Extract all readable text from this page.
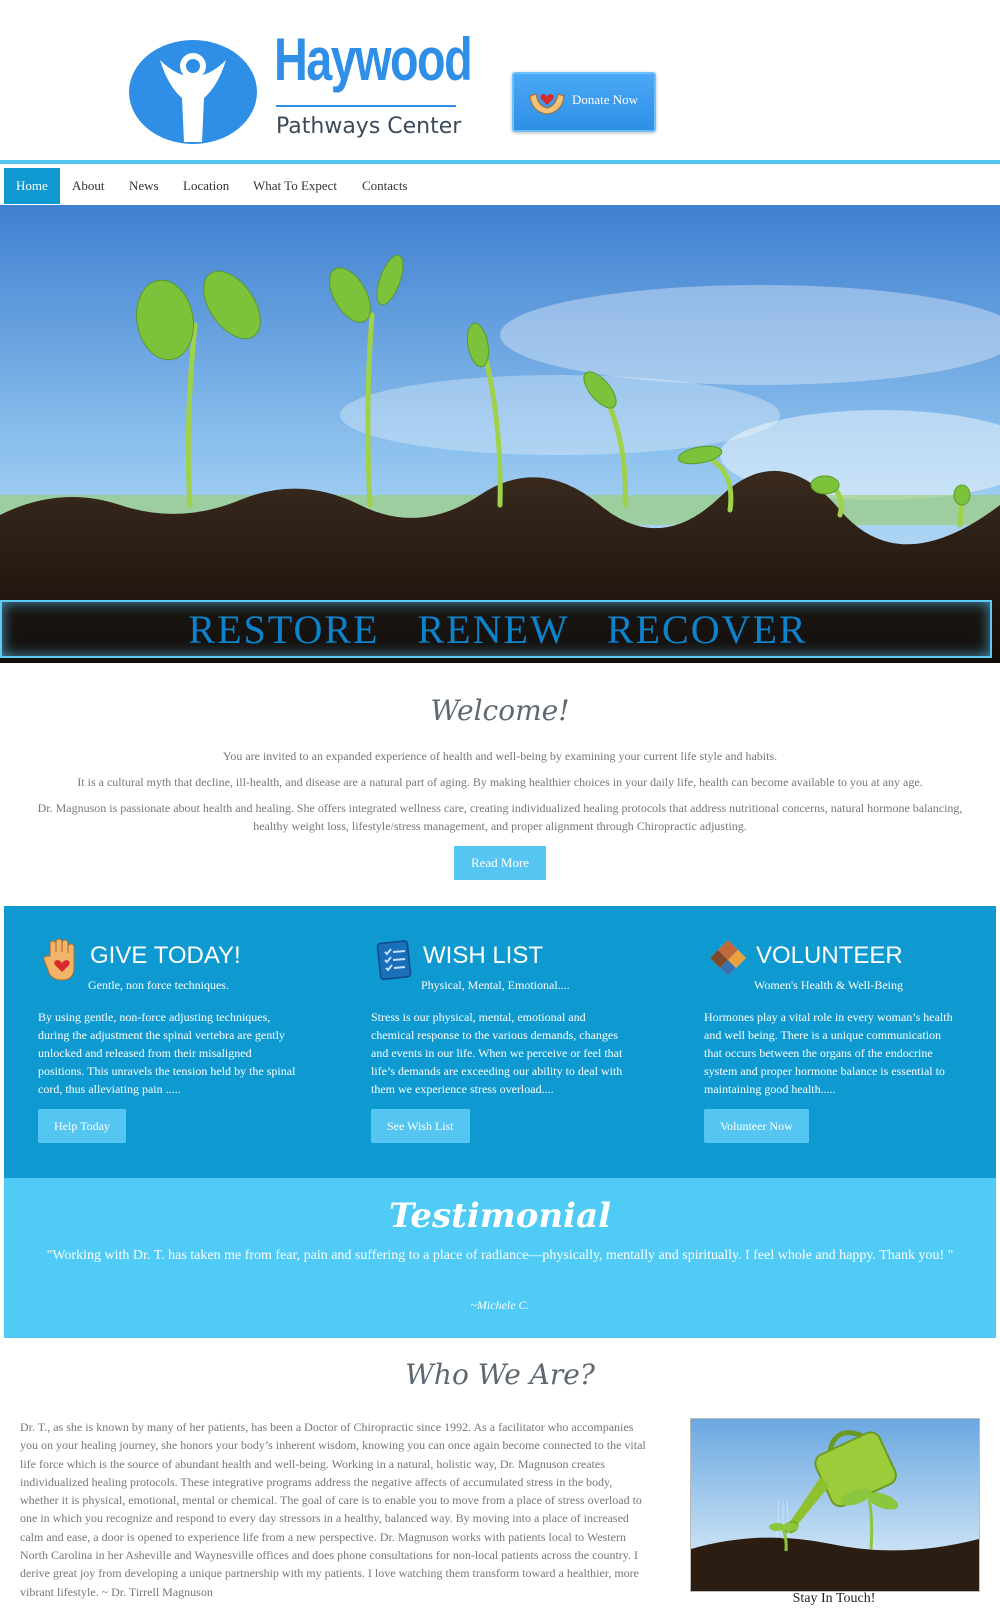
Haywood
Pathways Center
Donate Now
Home	About	News	Location	What To Expect	Contacts
RESTORE RENEW RECOVER
Welcome!
You are invited to an expanded experience of health and well-being by examining your current life style and habits.
It is a cultural myth that decline, ill-health, and disease are a natural part of aging. By making healthier choices in your daily life, health can become available to you at any age.
Dr. Magnuson is passionate about health and healing. She offers integrated wellness care, creating individualized healing protocols that address nutritional concerns, natural hormone balancing, healthy weight loss, lifestyle/stress management, and proper alignment through Chiropractic adjusting.
Read More
GIVE TODAY!
Gentle, non force techniques.
By using gentle, non-force adjusting techniques, during the adjustment the spinal vertebra are gently unlocked and released from their misaligned positions. This unravels the tension held by the spinal cord, thus alleviating pain .....
Help Today
WISH LIST
Physical, Mental, Emotional....
Stress is our physical, mental, emotional and chemical response to the various demands, changes and events in our life. When we perceive or feel that life’s demands are exceeding our ability to deal with them we experience stress overload....
See Wish List
VOLUNTEER
Women's Health & Well-Being
Hormones play a vital role in every woman’s health and well being. There is a unique communication that occurs between the organs of the endocrine system and proper hormone balance is essential to maintaining good health.....
Volunteer Now
Testimonial
"Working with Dr. T. has taken me from fear, pain and suffering to a place of radiance—physically, mentally and spiritually. I feel whole and happy. Thank you! "
~Michele C.
Who We Are?
Dr. T., as she is known by many of her patients, has been a Doctor of Chiropractic since 1992. As a facilitator who accompanies you on your healing journey, she honors your body’s inherent wisdom, knowing you can once again become connected to the vital life force which is the source of abundant health and well-being. Working in a natural, holistic way, Dr. Magnuson creates individualized healing protocols. These integrative programs address the negative affects of accumulated stress in the body, whether it is physical, emotional, mental or chemical. The goal of care is to enable you to move from a place of stress overload to one in which you recognize and respond to every day stressors in a healthy, balanced way. By moving into a place of increased calm and ease, a door is opened to experience life from a new perspective. Dr. Magnuson works with patients local to Western North Carolina in her Asheville and Waynesville offices and does phone consultations for non-local patients across the country. I derive great joy from developing a unique partnership with my patients. I love watching them transform toward a healthier, more vibrant lifestyle. ~ Dr. Tirrell Magnuson	Stay In Touch!
